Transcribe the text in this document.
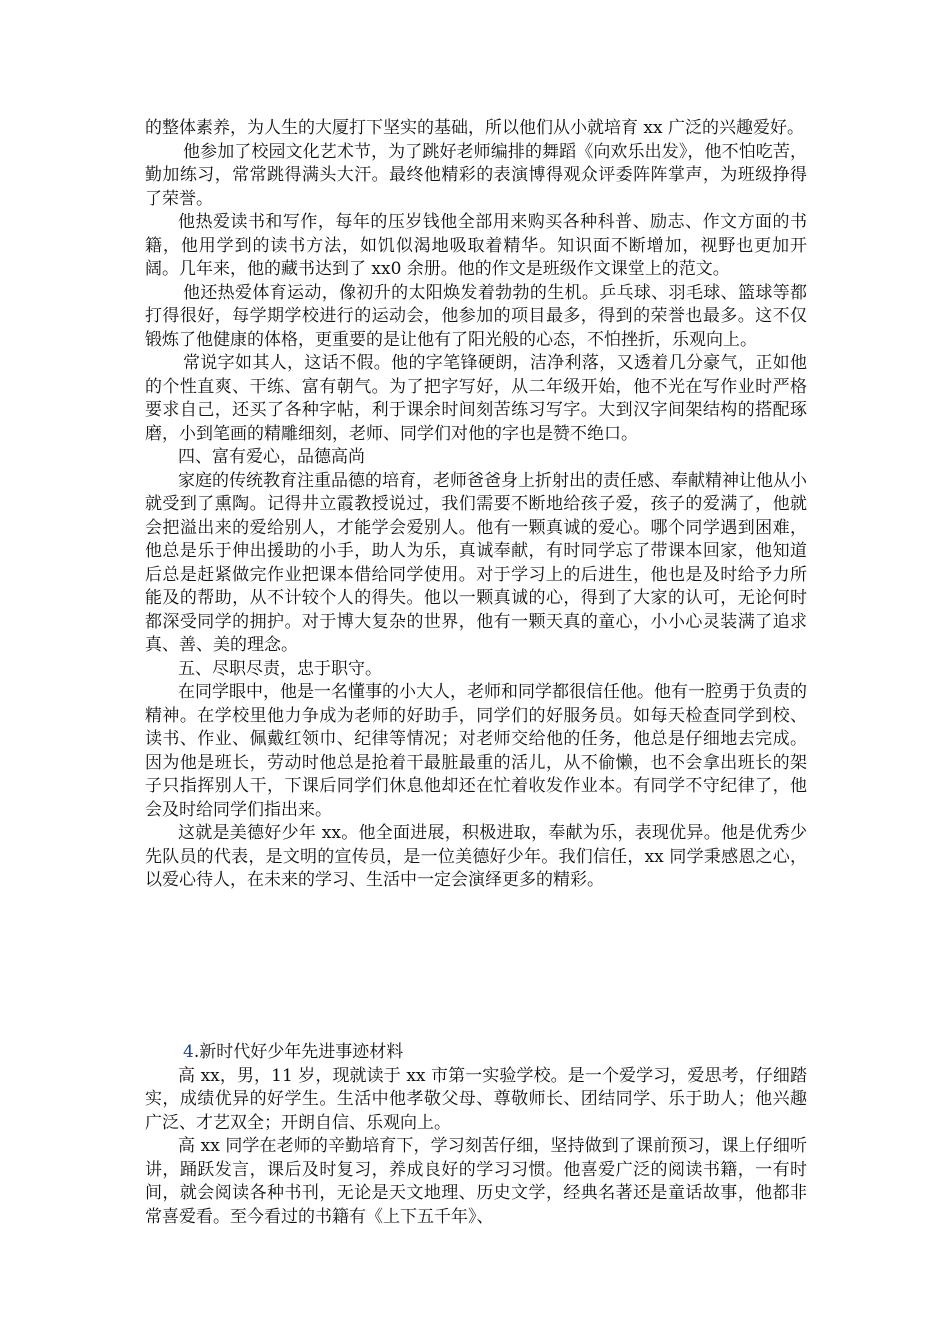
的整体素养，为人生的大厦打下坚实的基础，所以他们从小就培育 xx 广泛的兴趣爱好。

他参加了校园文化艺术节，为了跳好老师编排的舞蹈《向欢乐出发》，他不怕吃苦，勤加练习，常常跳得满头大汗。最终他精彩的表演博得观众评委阵阵掌声，为班级挣得了荣誉。

他热爱读书和写作，每年的压岁钱他全部用来购买各种科普、励志、作文方面的书籍，他用学到的读书方法，如饥似渴地吸取着精华。知识面不断增加，视野也更加开阔。几年来，他的藏书达到了 xx0 余册。他的作文是班级作文课堂上的范文。

他还热爱体育运动，像初升的太阳焕发着勃勃的生机。乒乓球、羽毛球、篮球等都打得很好，每学期学校进行的运动会，他参加的项目最多，得到的荣誉也最多。这不仅锻炼了他健康的体格，更重要的是让他有了阳光般的心态，不怕挫折，乐观向上。

常说字如其人，这话不假。他的字笔锋硬朗，洁净利落，又透着几分豪气，正如他的个性直爽、干练、富有朝气。为了把字写好，从二年级开始，他不光在写作业时严格要求自己，还买了各种字帖，利于课余时间刻苦练习写字。大到汉字间架结构的搭配琢磨，小到笔画的精雕细刻，老师、同学们对他的字也是赞不绝口。

四、富有爱心，品德高尚

家庭的传统教育注重品德的培育，老师爸爸身上折射出的责任感、奉献精神让他从小就受到了熏陶。记得井立霞教授说过，我们需要不断地给孩子爱，孩子的爱满了，他就会把溢出来的爱给别人，才能学会爱别人。他有一颗真诚的爱心。哪个同学遇到困难，他总是乐于伸出援助的小手，助人为乐，真诚奉献，有时同学忘了带课本回家，他知道后总是赶紧做完作业把课本借给同学使用。对于学习上的后进生，他也是及时给予力所能及的帮助，从不计较个人的得失。他以一颗真诚的心，得到了大家的认可，无论何时都深受同学的拥护。对于博大复杂的世界，他有一颗天真的童心，小小心灵装满了追求真、善、美的理念。

五、尽职尽责，忠于职守。

在同学眼中，他是一名懂事的小大人，老师和同学都很信任他。他有一腔勇于负责的精神。在学校里他力争成为老师的好助手，同学们的好服务员。如每天检查同学到校、读书、作业、佩戴红领巾、纪律等情况；对老师交给他的任务，他总是仔细地去完成。因为他是班长，劳动时他总是抢着干最脏最重的活儿，从不偷懒，也不会拿出班长的架子只指挥别人干，下课后同学们休息他却还在忙着收发作业本。有同学不守纪律了，他会及时给同学们指出来。

这就是美德好少年 xx。他全面进展，积极进取，奉献为乐，表现优异。他是优秀少先队员的代表，是文明的宣传员，是一位美德好少年。我们信任，xx 同学秉感恩之心，以爱心待人，在未来的学习、生活中一定会演绎更多的精彩。

4.新时代好少年先进事迹材料

高 xx，男，11 岁，现就读于 xx 市第一实验学校。是一个爱学习，爱思考，仔细踏实，成绩优异的好学生。生活中他孝敬父母、尊敬师长、团结同学、乐于助人；他兴趣广泛、才艺双全；开朗自信、乐观向上。

高 xx 同学在老师的辛勤培育下，学习刻苦仔细，坚持做到了课前预习，课上仔细听讲，踊跃发言，课后及时复习，养成良好的学习习惯。他喜爱广泛的阅读书籍，一有时间，就会阅读各种书刊，无论是天文地理、历史文学，经典名著还是童话故事，他都非常喜爱看。至今看过的书籍有《上下五千年》、
